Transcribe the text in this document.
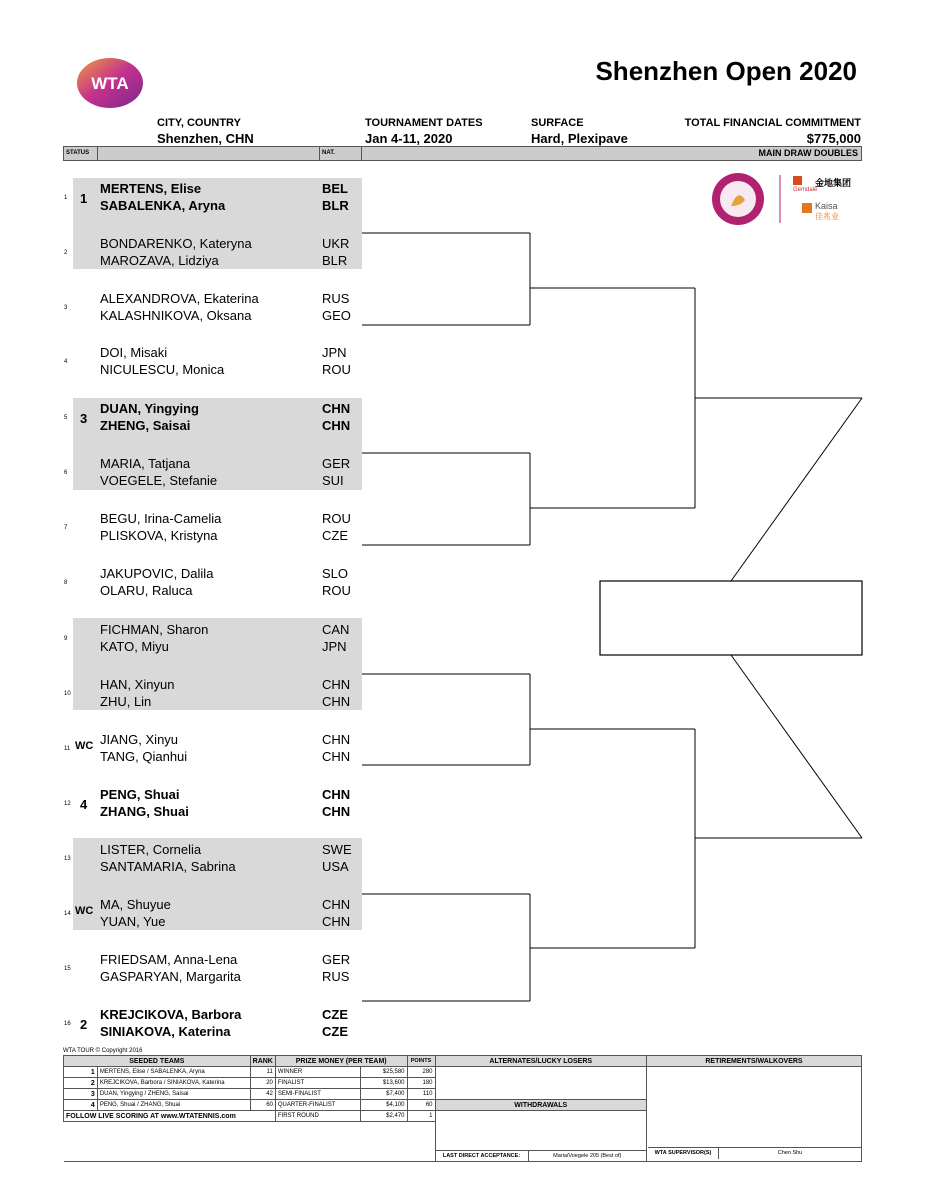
WTA	Shenzhen Open 2020
CITY, COUNTRY
Shenzhen, CHN
TOURNAMENT DATES
Jan 4-11, 2020
SURFACE
Hard, Plexipave
TOTAL FINANCIAL COMMITMENT
$775,000
STATUS	NAT.	MAIN DRAW DOUBLES
1 1
MERTENS, Elise	BEL
SABALENKA, Aryna	BLR
2
BONDARENKO, Kateryna	UKR
MAROZAVA, Lidziya	BLR
3
ALEXANDROVA, Ekaterina	RUS
KALASHNIKOVA, Oksana	GEO
4
DOI, Misaki	JPN
NICULESCU, Monica	ROU
5 3
DUAN, Yingying	CHN
ZHENG, Saisai	CHN
6
MARIA, Tatjana	GER
VOEGELE, Stefanie	SUI
7
BEGU, Irina-Camelia	ROU
PLISKOVA, Kristyna	CZE
8
JAKUPOVIC, Dalila	SLO
OLARU, Raluca	ROU
9
FICHMAN, Sharon	CAN
KATO, Miyu	JPN
10
HAN, Xinyun	CHN
ZHU, Lin	CHN
11 WC JIANG, Xinyu	CHN
TANG, Qianhui	CHN
12 4
PENG, Shuai	CHN
ZHANG, Shuai	CHN
13
LISTER, Cornelia	SWE
SANTAMARIA, Sabrina	USA
14 WC MA, Shuyue	CHN
YUAN, Yue	CHN
15
FRIEDSAM, Anna-Lena	GER
GASPARYAN, Margarita	RUS
16 2
KREJCIKOVA, Barbora	CZE
SINIAKOVA, Katerina	CZE
金地集团
Gemdale
Kaisa
佳兆业
WTA TOUR © Copyright 2016
SEEDED TEAMS	RANK	PRIZE MONEY (PER TEAM)	POINTS	ALTERNATES/LUCKY LOSERS	RETIREMENTS/WALKOVERS
1	MERTENS, Elise / SABALENKA, Aryna	11	WINNER	$25,580	280		
2	KREJCIKOVA, Barbora / SINIAKOVA, Katerina	20	FINALIST	$13,600	180
3	DUAN, Yingying / ZHENG, Saisai	42	SEMI-FINALIST	$7,400	110
4	PENG, Shuai / ZHANG, Shuai	60	QUARTER-FINALIST	$4,100	60	WITHDRAWALS
FOLLOW LIVE SCORING AT www.WTATENNIS.com	FIRST ROUND	$2,470	1	

LAST DIRECT ACCEPTANCE:	Maria/Voegele 205 (Best of)	WTA SUPERVISOR(S)	Chen Shu
